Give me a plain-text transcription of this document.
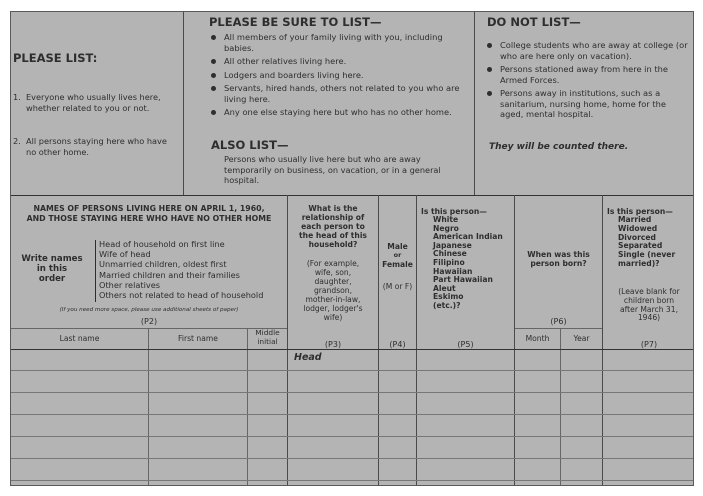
PLEASE LIST:
1. Everyone who usually lives here, whether related to you or not.
2. All persons staying here who have no other home.
PLEASE BE SURE TO LIST—
All members of your family living with you, including babies.
All other relatives living here.
Lodgers and boarders living here.
Servants, hired hands, others not related to you who are living here.
Any one else staying here but who has no other home.
ALSO LIST—
Persons who usually live here but who are away temporarily on business, on vacation, or in a general hospital.
DO NOT LIST—
College students who are away at college (or who are here only on vacation).
Persons stationed away from here in the Armed Forces.
Persons away in institutions, such as a sanitarium, nursing home, home for the aged, mental hospital.
They will be counted there.
NAMES OF PERSONS LIVING HERE ON APRIL 1, 1960,
AND THOSE STAYING HERE WHO HAVE NO OTHER HOME
Write names
in this
order
Head of household on first line
Wife of head
Unmarried children, oldest first
Married children and their families
Other relatives
Others not related to head of household
(If you need more space, please use additional sheets of paper)
(P2)
What is the
relationship of
each person to
the head of this
household?
(For example,
wife, son,
daughter,
grandson,
mother-in-law,
lodger, lodger's
wife)
(P3)
Male
or
Female
(M or F)
(P4)
Is this person—
White
Negro
American Indian
Japanese
Chinese
Filipino
Hawaiian
Part Hawaiian
Aleut
Eskimo
(etc.)?
(P5)
When was this
person born?
(P6)
Month	Year
Is this person—
Married
Widowed
Divorced
Separated
Single (never
married)?
(Leave blank for
children born
after March 31,
1946)
(P7)
Last name	First name
Middle
initial
Head
